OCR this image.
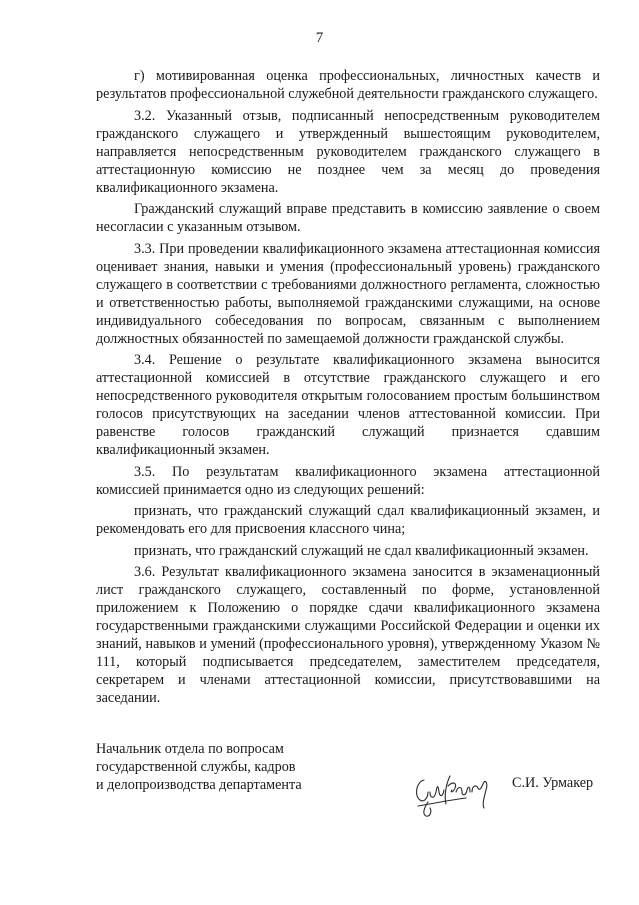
7

г) мотивированная оценка профессиональных, личностных качеств и результатов профессиональной служебной деятельности гражданского служащего.

3.2. Указанный отзыв, подписанный непосредственным руководителем гражданского служащего и утвержденный вышестоящим руководителем, направляется непосредственным руководителем гражданского служащего в аттестационную комиссию не позднее чем за месяц до проведения квалификационного экзамена.

Гражданский служащий вправе представить в комиссию заявление о своем несогласии с указанным отзывом.

3.3. При проведении квалификационного экзамена аттестационная комиссия оценивает знания, навыки и умения (профессиональный уровень) гражданского служащего в соответствии с требованиями должностного регламента, сложностью и ответственностью работы, выполняемой гражданскими служащими, на основе индивидуального собеседования по вопросам, связанным с выполнением должностных обязанностей по замещаемой должности гражданской службы.

3.4. Решение о результате квалификационного экзамена выносится аттестационной комиссией в отсутствие гражданского служащего и его непосредственного руководителя открытым голосованием простым большинством голосов присутствующих на заседании членов аттестованной комиссии. При равенстве голосов гражданский служащий признается сдавшим квалификационный экзамен.

3.5. По результатам квалификационного экзамена аттестационной комиссией принимается одно из следующих решений:

признать, что гражданский служащий сдал квалификационный экзамен, и рекомендовать его для присвоения классного чина;

признать, что гражданский служащий не сдал квалификационный экзамен.

3.6. Результат квалификационного экзамена заносится в экзаменационный лист гражданского служащего, составленный по форме, установленной приложением к Положению о порядке сдачи квалификационного экзамена государственными гражданскими служащими Российской Федерации и оценки их знаний, навыков и умений (профессионального уровня), утвержденному Указом № 111, который подписывается председателем, заместителем председателя, секретарем и членами аттестационной комиссии, присутствовавшими на заседании.

Начальник отдела по вопросам
государственной службы, кадров
и делопроизводства департамента	С.И. Урмакер
